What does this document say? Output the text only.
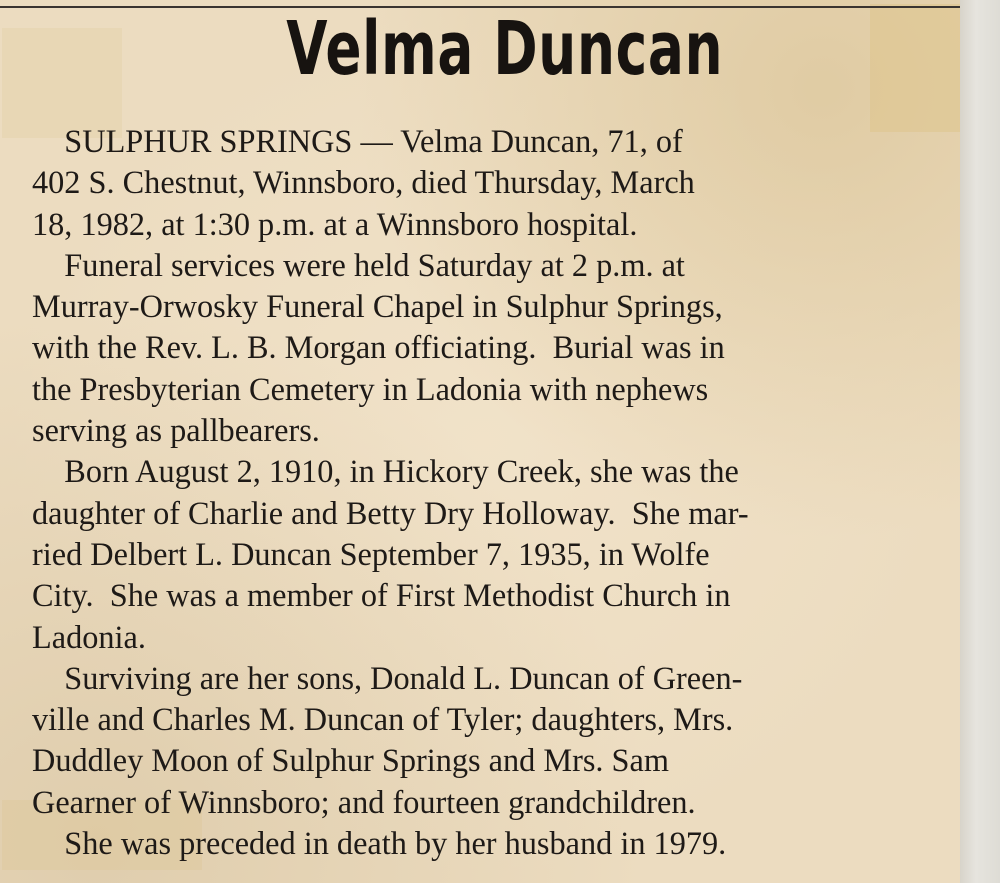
Velma Duncan
SULPHUR SPRINGS — Velma Duncan, 71, of
402 S. Chestnut, Winnsboro, died Thursday, March
18, 1982, at 1:30 p.m. at a Winnsboro hospital.
Funeral services were held Saturday at 2 p.m. at
Murray-Orwosky Funeral Chapel in Sulphur Springs,
with the Rev. L. B. Morgan officiating.  Burial was in
the Presbyterian Cemetery in Ladonia with nephews
serving as pallbearers.
Born August 2, 1910, in Hickory Creek, she was the
daughter of Charlie and Betty Dry Holloway.  She mar-
ried Delbert L. Duncan September 7, 1935, in Wolfe
City.  She was a member of First Methodist Church in
Ladonia.
Surviving are her sons, Donald L. Duncan of Green-
ville and Charles M. Duncan of Tyler; daughters, Mrs.
Duddley Moon of Sulphur Springs and Mrs. Sam
Gearner of Winnsboro; and fourteen grandchildren.
She was preceded in death by her husband in 1979.
